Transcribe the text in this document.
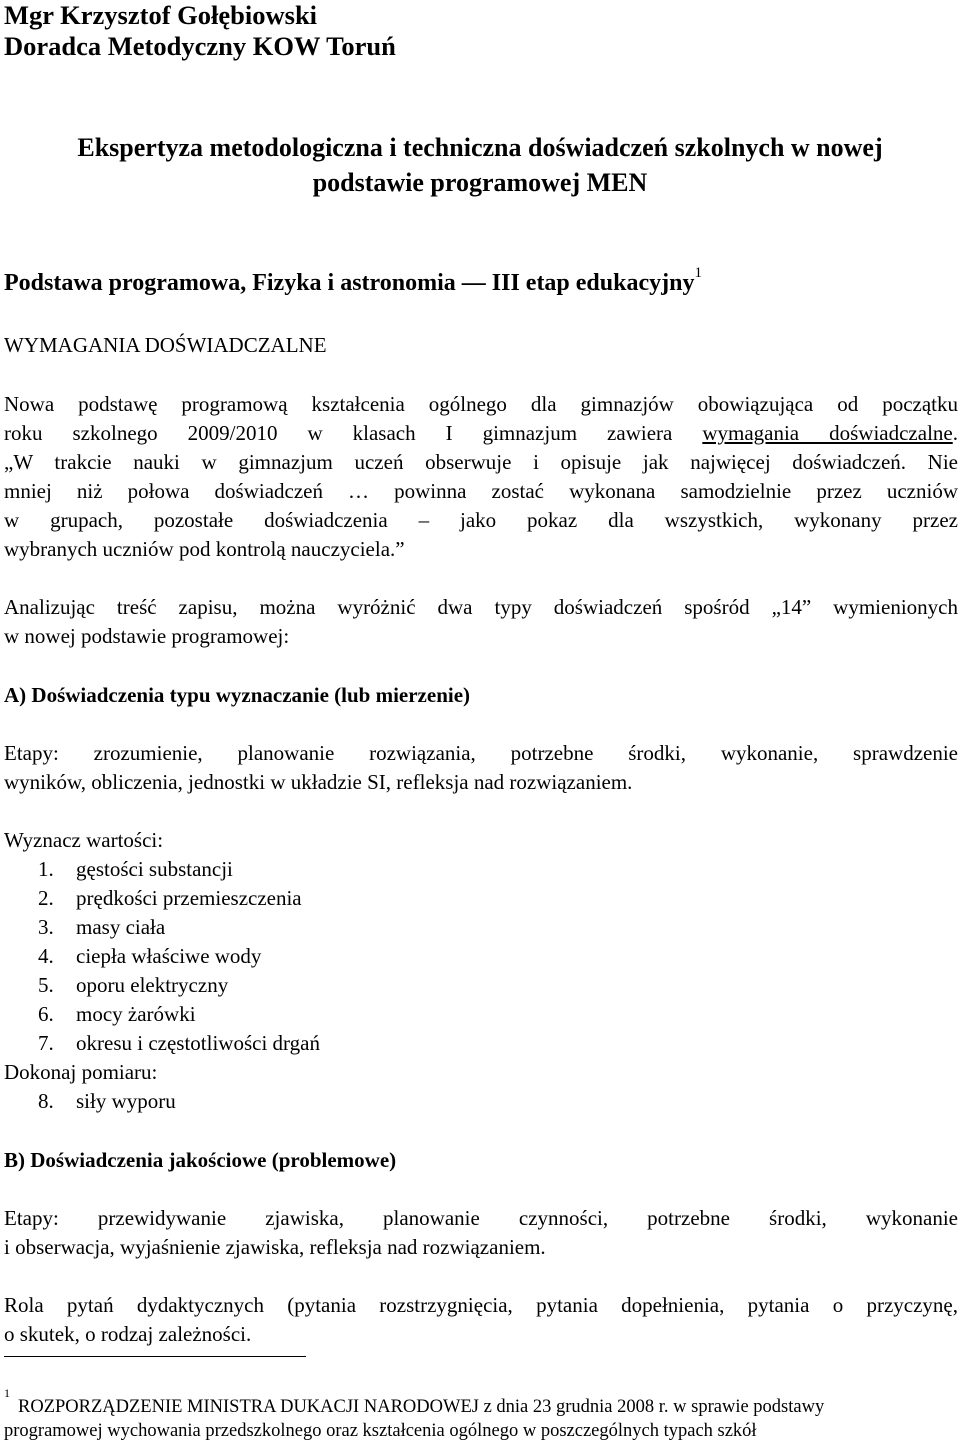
Mgr Krzysztof Gołębiowski
Doradca Metodyczny KOW Toruń
Ekspertyza metodologiczna i techniczna doświadczeń szkolnych w nowej
podstawie programowej MEN
Podstawa programowa, Fizyka i astronomia — III etap edukacyjny$^1$
WYMAGANIA DOŚWIADCZALNE
Nowa podstawę programową kształcenia ogólnego dla gimnazjów obowiązująca od początku
roku szkolnego 2009/2010 w klasach I gimnazjum zawiera wymagania doświadczalne.
„W trakcie nauki w gimnazjum uczeń obserwuje i opisuje jak najwięcej doświadczeń. Nie
mniej niż połowa doświadczeń … powinna zostać wykonana samodzielnie przez uczniów
w grupach, pozostałe doświadczenia – jako pokaz dla wszystkich, wykonany przez
wybranych uczniów pod kontrolą nauczyciela.”
Analizując treść zapisu, można wyróżnić dwa typy doświadczeń spośród „14” wymienionych
w nowej podstawie programowej:
A) Doświadczenia typu wyznaczanie (lub mierzenie)
Etapy: zrozumienie, planowanie rozwiązania, potrzebne środki, wykonanie, sprawdzenie
wyników, obliczenia, jednostki w układzie SI, refleksja nad rozwiązaniem.
Wyznacz wartości:
1. gęstości substancji
2. prędkości przemieszczenia
3. masy ciała
4. ciepła właściwe wody
5. oporu elektryczny
6. mocy żarówki
7. okresu i częstotliwości drgań
Dokonaj pomiaru:
8. siły wyporu
B) Doświadczenia jakościowe (problemowe)
Etapy: przewidywanie zjawiska, planowanie czynności, potrzebne środki, wykonanie
i obserwacja, wyjaśnienie zjawiska, refleksja nad rozwiązaniem.
Rola pytań dydaktycznych (pytania rozstrzygnięcia, pytania dopełnienia, pytania o przyczynę,
o skutek, o rodzaj zależności.
$^1$ROZPORZĄDZENIE MINISTRA DUKACJI NARODOWEJ z dnia 23 grudnia 2008 r. w sprawie podstawy
programowej wychowania przedszkolnego oraz kształcenia ogólnego w poszczególnych typach szkół
